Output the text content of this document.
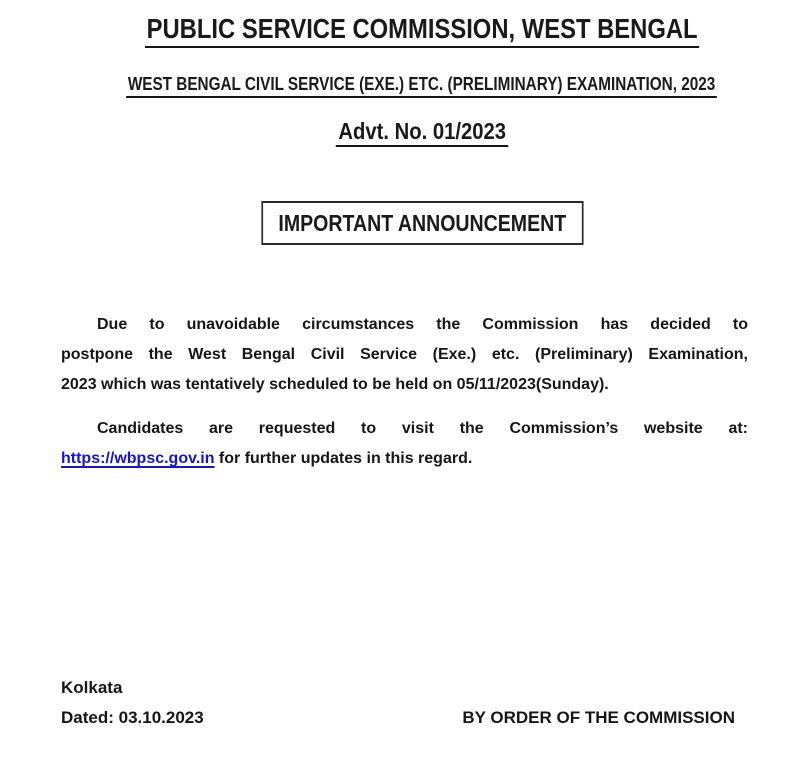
PUBLIC SERVICE COMMISSION, WEST BENGAL
WEST BENGAL CIVIL SERVICE (EXE.) ETC. (PRELIMINARY) EXAMINATION, 2023
Advt. No. 01/2023
IMPORTANT ANNOUNCEMENT
Due to unavoidable circumstances the Commission has decided to
postpone the West Bengal Civil Service (Exe.) etc. (Preliminary) Examination,
2023 which was tentatively scheduled to be held on 05/11/2023(Sunday).
Candidates are requested to visit the Commission’s website at:
https://wbpsc.gov.in for further updates in this regard.
Kolkata
Dated: 03.10.2023	BY ORDER OF THE COMMISSION
